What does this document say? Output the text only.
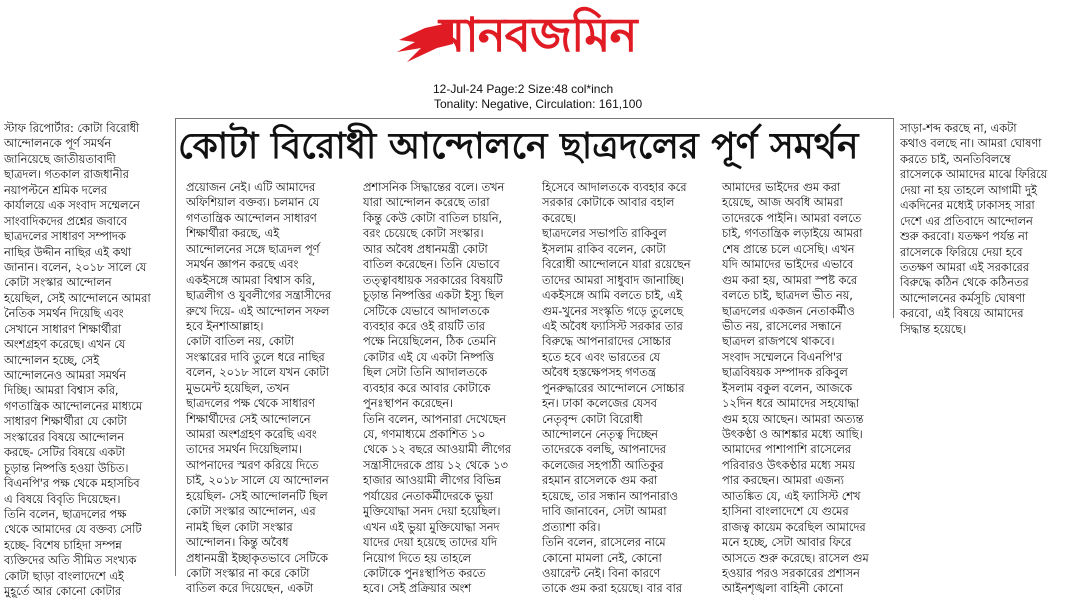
মানবজমিন
12-Jul-24 Page:2 Size:48 col*inch
Tonality: Negative, Circulation: 161,100
কোটা বিরোধী আন্দোলনে ছাত্রদলের পূর্ণ সমর্থন
স্টাফ রিপোর্টার: কোটা বিরোধী
আন্দোলনকে পূর্ণ সমর্থন
জানিয়েছে জাতীয়তাবাদী
ছাত্রদল। গতকাল রাজধানীর
নয়াপল্টনে শ্রমিক দলের
কার্যালয়ে এক সংবাদ সম্মেলনে
সাংবাদিকদের প্রশ্নের জবাবে
ছাত্রদলের সাধারণ সম্পাদক
নাছির উদ্দীন নাছির এই কথা
জানান। বলেন, ২০১৮ সালে যে
কোটা সংস্কার আন্দোলন
হয়েছিল, সেই আন্দোলনে আমরা
নৈতিক সমর্থন দিয়েছি এবং
সেখানে সাধারণ শিক্ষার্থীরা
অংশগ্রহণ করেছে। এখন যে
আন্দোলন হচ্ছে, সেই
আন্দোলনেও আমরা সমর্থন
দিচ্ছি। আমরা বিশ্বাস করি,
গণতান্ত্রিক আন্দোলনের মাধ্যমে
সাধারণ শিক্ষার্থীরা যে কোটা
সংস্কারের বিষয়ে আন্দোলন
করছে- সেটির বিষয়ে একটা
চূড়ান্ত নিষ্পত্তি হওয়া উচিত।
বিএনপি'র পক্ষ থেকে মহাসচিব
এ বিষয়ে বিবৃতি দিয়েছেন।
তিনি বলেন, ছাত্রদলের পক্ষ
থেকে আমাদের যে বক্তব্য সেটি
হচ্ছে- বিশেষ চাহিদা সম্পন্ন
ব্যক্তিদের অতি সীমিত সংখ্যক
কোটা ছাড়া বাংলাদেশে এই
মুহূর্তে আর কোনো কোটার
প্রয়োজন নেই। এটি আমাদের
অফিশিয়াল বক্তব্য। চলমান যে
গণতান্ত্রিক আন্দোলন সাধারণ
শিক্ষার্থীরা করছে, এই
আন্দোলনের সঙ্গে ছাত্রদল পূর্ণ
সমর্থন জ্ঞাপন করছে এবং
একইসঙ্গে আমরা বিশ্বাস করি,
ছাত্রলীগ ও যুবলীগের সন্ত্রাসীদের
রুখে দিয়ে- এই আন্দোলন সফল
হবে ইনশাআল্লাহ।
কোটা বাতিল নয়, কোটা
সংস্কারের দাবি তুলে ধরে নাছির
বলেন, ২০১৮ সালে যখন কোটা
মুভমেন্ট হয়েছিল, তখন
ছাত্রদলের পক্ষ থেকে সাধারণ
শিক্ষার্থীদের সেই আন্দোলনে
আমরা অংশগ্রহণ করেছি এবং
তাদের সমর্থন দিয়েছিলাম।
আপনাদের স্মরণ করিয়ে দিতে
চাই, ২০১৮ সালে যে আন্দোলন
হয়েছিল- সেই আন্দোলনটি ছিল
কোটা সংস্কার আন্দোলন, এর
নামই ছিল কোটা সংস্কার
আন্দোলন। কিন্তু অবৈধ
প্রধানমন্ত্রী ইচ্ছাকৃতভাবে সেটিকে
কোটা সংস্কার না করে কোটা
বাতিল করে দিয়েছেন, একটা
প্রশাসনিক সিদ্ধান্তের বলে। তখন
যারা আন্দোলন করেছে তারা
কিন্তু কেউ কোটা বাতিল চায়নি,
বরং চেয়েছে কোটা সংস্কার।
আর অবৈধ প্রধানমন্ত্রী কোটা
বাতিল করেছেন। তিনি যেভাবে
তত্ত্বাবধায়ক সরকারের বিষয়টি
চূড়ান্ত নিষ্পত্তির একটা ইস্যু ছিল
সেটিকে যেভাবে আদালতকে
ব্যবহার করে ওই রায়টি তার
পক্ষে নিয়েছিলেন, ঠিক তেমনি
কোটার এই যে একটা নিষ্পত্তি
ছিল সেটা তিনি আদালতকে
ব্যবহার করে আবার কোটাকে
পুনঃস্থাপন করেছেন।
তিনি বলেন, আপনারা দেখেছেন
যে, গণমাধ্যমে প্রকাশিত ১০
থেকে ১২ বছরে আওয়ামী লীগের
সন্ত্রাসীদেরকে প্রায় ১২ থেকে ১৩
হাজার আওয়ামী লীগের বিভিন্ন
পর্যায়ের নেতাকর্মীদেরকে ভুয়া
মুক্তিযোদ্ধা সনদ দেয়া হয়েছিল।
এখন এই ভুয়া মুক্তিযোদ্ধা সনদ
যাদের দেয়া হয়েছে তাদের যদি
নিয়োগ দিতে হয় তাহলে
কোটাকে পুনঃস্থাপিত করতে
হবে। সেই প্রক্রিয়ার অংশ
হিসেবে আদালতকে ব্যবহার করে
সরকার কোটাকে আবার বহাল
করেছে।
ছাত্রদলের সভাপতি রাকিবুল
ইসলাম রাকিব বলেন, কোটা
বিরোধী আন্দোলনে যারা রয়েছেন
তাদের আমরা সাধুবাদ জানাচ্ছি।
একইসঙ্গে আমি বলতে চাই, এই
গুম-খুনের সংস্কৃতি গড়ে তুলেছে
এই অবৈধ ফ্যাসিস্ট সরকার তার
বিরুদ্ধে আপনারাদের সোচ্চার
হতে হবে এবং ভারতের যে
অবৈধ হস্তক্ষেপসহ গণতন্ত্র
পুনরুদ্ধারের আন্দোলনে সোচ্চার
হন। ঢাকা কলেজের যেসব
নেতৃবৃন্দ কোটা বিরোধী
আন্দোলনে নেতৃত্ব দিচ্ছেন
তাদেরকে বলছি, আপনাদের
কলেজের সহপাঠী আতিকুর
রহমান রাসেলকে গুম করা
হয়েছে, তার সন্ধান আপনারাও
দাবি জানাবেন, সেটা আমরা
প্রত্যাশা করি।
তিনি বলেন, রাসেলের নামে
কোনো মামলা নেই, কোনো
ওয়ারেন্ট নেই। বিনা কারণে
তাকে গুম করা হয়েছে। বার বার
আমাদের ভাইদের গুম করা
হয়েছে, আজ অবধি আমরা
তাদেরকে পাইনি। আমরা বলতে
চাই, গণতান্ত্রিক লড়াইয়ে আমরা
শেষ প্রান্তে চলে এসেছি। এখন
যদি আমাদের ভাইদের এভাবে
গুম করা হয়, আমরা স্পষ্ট করে
বলতে চাই, ছাত্রদল ভীত নয়,
ছাত্রদলের একজন নেতাকর্মীও
ভীত নয়, রাসেলের সন্ধানে
ছাত্রদল রাজপথে থাকবে।
সংবাদ সম্মেলনে বিএনপি'র
ছাত্রবিষয়ক সম্পাদক রকিবুল
ইসলাম বকুল বলেন, আজকে
১২দিন ধরে আমাদের সহযোদ্ধা
গুম হয়ে আছেন। আমরা অত্যন্ত
উৎকণ্ঠা ও আশঙ্কার মধ্যে আছি।
আমাদের পাশাপাশি রাসেলের
পরিবারও উৎকণ্ঠার মধ্যে সময়
পার করছেন। আমরা এজন্য
আতঙ্কিত যে, এই ফ্যাসিস্ট শেখ
হাসিনা বাংলাদেশে যে গুমের
রাজত্ব কায়েম করেছিল আমাদের
মনে হচ্ছে, সেটা আবার ফিরে
আসতে শুরু করেছে। রাসেল গুম
হওয়ার পরও সরকারের প্রশাসন
আইনশৃঙ্খলা বাহিনী কোনো
সাড়া-শব্দ করছে না, একটা
কথাও বলছে না। আমরা ঘোষণা
করতে চাই, অনতিবিলম্বে
রাসেলকে আমাদের মাঝে ফিরিয়ে
দেয়া না হয় তাহলে আগামী দুই
একদিনের মধ্যেই ঢাকাসহ সারা
দেশে এর প্রতিবাদে আন্দোলন
শুরু করবো। যতক্ষণ পর্যন্ত না
রাসেলকে ফিরিয়ে দেয়া হবে
ততক্ষণ আমরা এই সরকারের
বিরুদ্ধে কঠিন থেকে কঠিনতর
আন্দোলনের কর্মসূচি ঘোষণা
করবো, এই বিষয়ে আমাদের
সিদ্ধান্ত হয়েছে।
